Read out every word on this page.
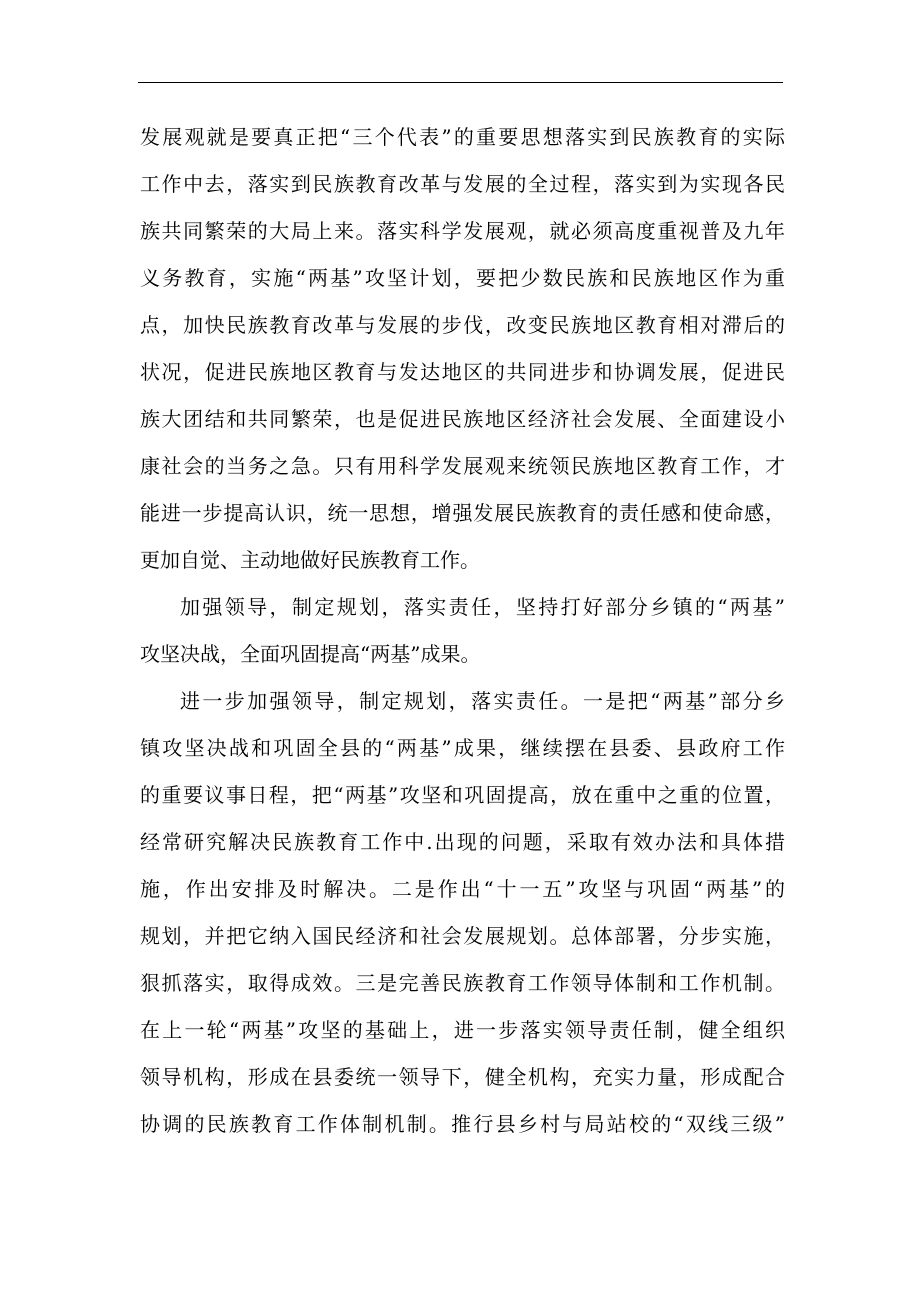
发展观就是要真正把“三个代表”的重要思想落实到民族教育的实际
工作中去，落实到民族教育改革与发展的全过程，落实到为实现各民
族共同繁荣的大局上来。落实科学发展观，就必须高度重视普及九年
义务教育，实施“两基”攻坚计划，要把少数民族和民族地区作为重
点，加快民族教育改革与发展的步伐，改变民族地区教育相对滞后的
状况，促进民族地区教育与发达地区的共同进步和协调发展，促进民
族大团结和共同繁荣，也是促进民族地区经济社会发展、全面建设小
康社会的当务之急。只有用科学发展观来统领民族地区教育工作，才
能进一步提高认识，统一思想，增强发展民族教育的责任感和使命感，
更加自觉、主动地做好民族教育工作。
加强领导，制定规划，落实责任，坚持打好部分乡镇的“两基”
攻坚决战，全面巩固提高“两基”成果。
进一步加强领导，制定规划，落实责任。一是把“两基”部分乡
镇攻坚决战和巩固全县的“两基”成果，继续摆在县委、县政府工作
的重要议事日程，把“两基”攻坚和巩固提高，放在重中之重的位置，
经常研究解决民族教育工作中.出现的问题，采取有效办法和具体措
施，作出安排及时解决。二是作出“十一五”攻坚与巩固“两基”的
规划，并把它纳入国民经济和社会发展规划。总体部署，分步实施，
狠抓落实，取得成效。三是完善民族教育工作领导体制和工作机制。
在上一轮“两基”攻坚的基础上，进一步落实领导责任制，健全组织
领导机构，形成在县委统一领导下，健全机构，充实力量，形成配合
协调的民族教育工作体制机制。推行县乡村与局站校的“双线三级”
